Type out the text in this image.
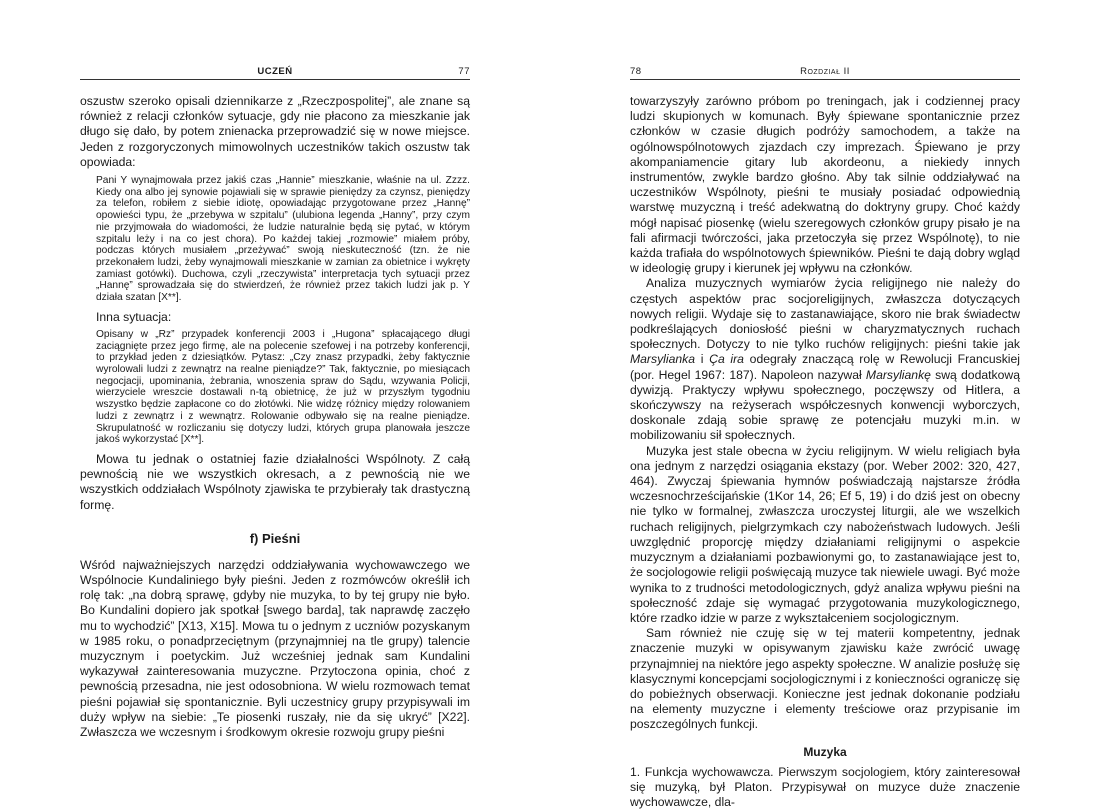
UCZEŃ	77

oszustw szeroko opisali dziennikarze z „Rzeczpospolitej”, ale znane są również z relacji członków sytuacje, gdy nie płacono za mieszkanie jak długo się dało, by potem znienacka przeprowadzić się w nowe miejsce. Jeden z rozgoryczonych mimowolnych uczestników takich oszustw tak opowiada:

Pani Y wynajmowała przez jakiś czas „Hannie” mieszkanie, właśnie na ul. Zzzz. Kiedy ona albo jej synowie pojawiali się w sprawie pieniędzy za czynsz, pieniędzy za telefon, robiłem z siebie idiotę, opowiadając przygotowane przez „Hannę” opowieści typu, że „przebywa w szpitalu” (ulubiona legenda „Hanny”, przy czym nie przyjmowała do wiadomości, że ludzie naturalnie będą się pytać, w którym szpitalu leży i na co jest chora). Po każdej takiej „rozmowie” miałem próby, podczas których musiałem „przeżywać” swoją nieskuteczność (tzn. że nie przekonałem ludzi, żeby wynajmowali mieszkanie w zamian za obietnice i wykręty zamiast gotówki). Duchowa, czyli „rzeczywista” interpretacja tych sytuacji przez „Hannę” sprowadzała się do stwierdzeń, że również przez takich ludzi jak p. Y działa szatan [X**].

Inna sytuacja:

Opisany w „Rz” przypadek konferencji 2003 i „Hugona” spłacającego długi zaciągnięte przez jego firmę, ale na polecenie szefowej i na potrzeby konferencji, to przykład jeden z dziesiątków. Pytasz: „Czy znasz przypadki, żeby faktycznie wyrolowali ludzi z zewnątrz na realne pieniądze?” Tak, faktycznie, po miesiącach negocjacji, upominania, żebrania, wnoszenia spraw do Sądu, wzywania Policji, wierzyciele wreszcie dostawali n-tą obietnicę, że już w przyszłym tygodniu wszystko będzie zapłacone co do złotówki. Nie widzę różnicy między rolowaniem ludzi z zewnątrz i z wewnątrz. Rolowanie odbywało się na realne pieniądze. Skrupulatność w rozliczaniu się dotyczy ludzi, których grupa planowała jeszcze jakoś wykorzystać [X**].

Mowa tu jednak o ostatniej fazie działalności Wspólnoty. Z całą pewnością nie we wszystkich okresach, a z pewnością nie we wszystkich oddziałach Wspólnoty zjawiska te przybierały tak drastyczną formę.

f) Pieśni

Wśród najważniejszych narzędzi oddziaływania wychowawczego we Wspólnocie Kundaliniego były pieśni. Jeden z rozmówców określił ich rolę tak: „na dobrą sprawę, gdyby nie muzyka, to by tej grupy nie było. Bo Kundalini dopiero jak spotkał [swego barda], tak naprawdę zaczęło mu to wychodzić” [X13, X15]. Mowa tu o jednym z uczniów pozyskanym w 1985 roku, o ponadprzeciętnym (przynajmniej na tle grupy) talencie muzycznym i poetyckim. Już wcześniej jednak sam Kundalini wykazywał zainteresowania muzyczne. Przytoczona opinia, choć z pewnością przesadna, nie jest odosobniona. W wielu rozmowach temat pieśni pojawiał się spontanicznie. Byli uczestnicy grupy przypisywali im duży wpływ na siebie: „Te piosenki ruszały, nie da się ukryć” [X22]. Zwłaszcza we wczesnym i środkowym okresie rozwoju grupy pieśni

78	Rozdział II

towarzyszyły zarówno próbom po treningach, jak i codziennej pracy ludzi skupionych w komunach. Były śpiewane spontanicznie przez członków w czasie długich podróży samochodem, a także na ogólnowspólnotowych zjazdach czy imprezach. Śpiewano je przy akompaniamencie gitary lub akordeonu, a niekiedy innych instrumentów, zwykle bardzo głośno. Aby tak silnie oddziaływać na uczestników Wspólnoty, pieśni te musiały posiadać odpowiednią warstwę muzyczną i treść adekwatną do doktryny grupy. Choć każdy mógł napisać piosenkę (wielu szeregowych członków grupy pisało je na fali afirmacji twórczości, jaka przetoczyła się przez Wspólnotę), to nie każda trafiała do wspólnotowych śpiewników. Pieśni te dają dobry wgląd w ideologię grupy i kierunek jej wpływu na członków.

Analiza muzycznych wymiarów życia religijnego nie należy do częstych aspektów prac socjoreligijnych, zwłaszcza dotyczących nowych religii. Wydaje się to zastanawiające, skoro nie brak świadectw podkreślających doniosłość pieśni w charyzmatycznych ruchach społecznych. Dotyczy to nie tylko ruchów religijnych: pieśni takie jak Marsylianka i Ça ira odegrały znaczącą rolę w Rewolucji Francuskiej (por. Hegel 1967: 187). Napoleon nazywał Marsyliankę swą dodatkową dywizją. Praktyczy wpływu społecznego, poczęwszy od Hitlera, a skończywszy na reżyserach współczesnych konwencji wyborczych, doskonale zdają sobie sprawę ze potencjału muzyki m.in. w mobilizowaniu sił społecznych.

Muzyka jest stale obecna w życiu religijnym. W wielu religiach była ona jednym z narzędzi osiągania ekstazy (por. Weber 2002: 320, 427, 464). Zwyczaj śpiewania hymnów poświadczają najstarsze źródła wczesnochrześcijańskie (1Kor 14, 26; Ef 5, 19) i do dziś jest on obecny nie tylko w formalnej, zwłaszcza uroczystej liturgii, ale we wszelkich ruchach religijnych, pielgrzymkach czy nabożeństwach ludowych. Jeśli uwzględnić proporcję między działaniami religijnymi o aspekcie muzycznym a działaniami pozbawionymi go, to zastanawiające jest to, że socjologowie religii poświęcają muzyce tak niewiele uwagi. Być może wynika to z trudności metodologicznych, gdyż analiza wpływu pieśni na społeczność zdaje się wymagać przygotowania muzykologicznego, które rzadko idzie w parze z wykształceniem socjologicznym.

Sam również nie czuję się w tej materii kompetentny, jednak znaczenie muzyki w opisywanym zjawisku każe zwrócić uwagę przynajmniej na niektóre jego aspekty społeczne. W analizie posłużę się klasycznymi koncepcjami socjologicznymi i z konieczności ograniczę się do pobieżnych obserwacji. Konieczne jest jednak dokonanie podziału na elementy muzyczne i elementy treściowe oraz przypisanie im poszczególnych funkcji.

Muzyka

1. Funkcja wychowawcza. Pierwszym socjologiem, który zainteresował się muzyką, był Platon. Przypisywał on muzyce duże znaczenie wychowawcze, dla-
